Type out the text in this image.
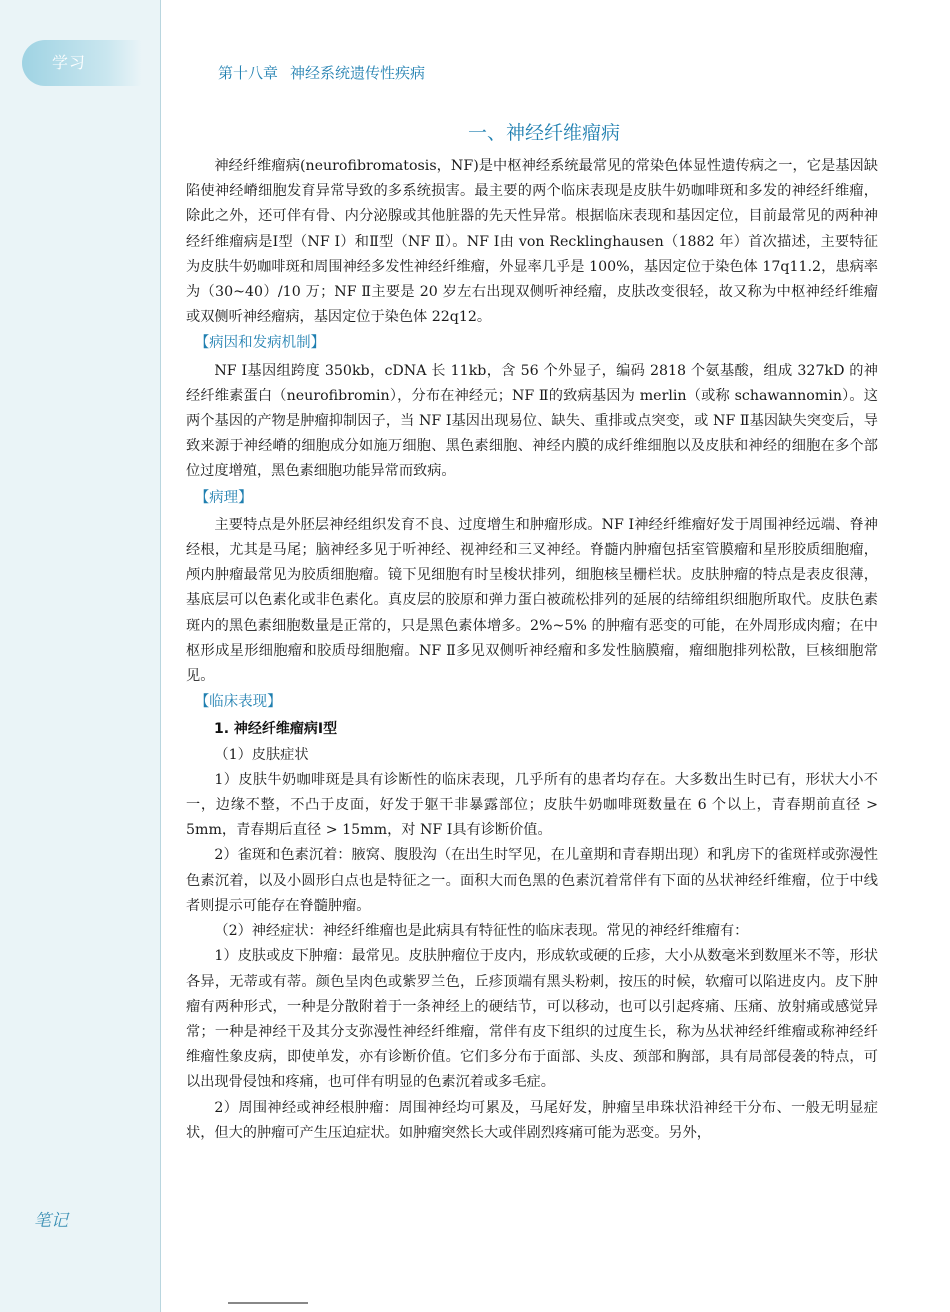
学习
第十八章 神经系统遗传性疾病
一、神经纤维瘤病

神经纤维瘤病(neurofibromatosis，NF)是中枢神经系统最常见的常染色体显性遗传病之一，它是基因缺陷使神经嵴细胞发育异常导致的多系统损害。最主要的两个临床表现是皮肤牛奶咖啡斑和多发的神经纤维瘤，除此之外，还可伴有骨、内分泌腺或其他脏器的先天性异常。根据临床表现和基因定位，目前最常见的两种神经纤维瘤病是Ⅰ型（NF Ⅰ）和Ⅱ型（NF Ⅱ）。NF Ⅰ由 von Recklinghausen（1882 年）首次描述，主要特征为皮肤牛奶咖啡斑和周围神经多发性神经纤维瘤，外显率几乎是 100%，基因定位于染色体 17q11.2，患病率为（30~40）/10 万；NF Ⅱ主要是 20 岁左右出现双侧听神经瘤，皮肤改变很轻，故又称为中枢神经纤维瘤或双侧听神经瘤病，基因定位于染色体 22q12。

【病因和发病机制】

NF Ⅰ基因组跨度 350kb，cDNA 长 11kb，含 56 个外显子，编码 2818 个氨基酸，组成 327kD 的神经纤维素蛋白（neurofibromin），分布在神经元；NF Ⅱ的致病基因为 merlin（或称 schawannomin）。这两个基因的产物是肿瘤抑制因子，当 NF Ⅰ基因出现易位、缺失、重排或点突变，或 NF Ⅱ基因缺失突变后，导致来源于神经嵴的细胞成分如施万细胞、黑色素细胞、神经内膜的成纤维细胞以及皮肤和神经的细胞在多个部位过度增殖，黑色素细胞功能异常而致病。

【病理】

主要特点是外胚层神经组织发育不良、过度增生和肿瘤形成。NF Ⅰ神经纤维瘤好发于周围神经远端、脊神经根，尤其是马尾；脑神经多见于听神经、视神经和三叉神经。脊髓内肿瘤包括室管膜瘤和星形胶质细胞瘤，颅内肿瘤最常见为胶质细胞瘤。镜下见细胞有时呈梭状排列，细胞核呈栅栏状。皮肤肿瘤的特点是表皮很薄，基底层可以色素化或非色素化。真皮层的胶原和弹力蛋白被疏松排列的延展的结缔组织细胞所取代。皮肤色素斑内的黑色素细胞数量是正常的，只是黑色素体增多。2%~5% 的肿瘤有恶变的可能，在外周形成肉瘤；在中枢形成星形细胞瘤和胶质母细胞瘤。NF Ⅱ多见双侧听神经瘤和多发性脑膜瘤，瘤细胞排列松散，巨核细胞常见。

【临床表现】

1. 神经纤维瘤病Ⅰ型

（1）皮肤症状

1）皮肤牛奶咖啡斑是具有诊断性的临床表现，几乎所有的患者均存在。大多数出生时已有，形状大小不一，边缘不整，不凸于皮面，好发于躯干非暴露部位；皮肤牛奶咖啡斑数量在 6 个以上，青春期前直径 > 5mm，青春期后直径 > 15mm，对 NF Ⅰ具有诊断价值。

2）雀斑和色素沉着：腋窝、腹股沟（在出生时罕见，在儿童期和青春期出现）和乳房下的雀斑样或弥漫性色素沉着，以及小圆形白点也是特征之一。面积大而色黑的色素沉着常伴有下面的丛状神经纤维瘤，位于中线者则提示可能存在脊髓肿瘤。

（2）神经症状：神经纤维瘤也是此病具有特征性的临床表现。常见的神经纤维瘤有：

1）皮肤或皮下肿瘤：最常见。皮肤肿瘤位于皮内，形成软或硬的丘疹，大小从数毫米到数厘米不等，形状各异，无蒂或有蒂。颜色呈肉色或紫罗兰色，丘疹顶端有黑头粉刺，按压的时候，软瘤可以陷进皮内。皮下肿瘤有两种形式，一种是分散附着于一条神经上的硬结节，可以移动，也可以引起疼痛、压痛、放射痛或感觉异常；一种是神经干及其分支弥漫性神经纤维瘤，常伴有皮下组织的过度生长，称为丛状神经纤维瘤或称神经纤维瘤性象皮病，即使单发，亦有诊断价值。它们多分布于面部、头皮、颈部和胸部，具有局部侵袭的特点，可以出现骨侵蚀和疼痛，也可伴有明显的色素沉着或多毛症。

2）周围神经或神经根肿瘤：周围神经均可累及，马尾好发，肿瘤呈串珠状沿神经干分布、一般无明显症状，但大的肿瘤可产生压迫症状。如肿瘤突然长大或伴剧烈疼痛可能为恶变。另外，

笔记
